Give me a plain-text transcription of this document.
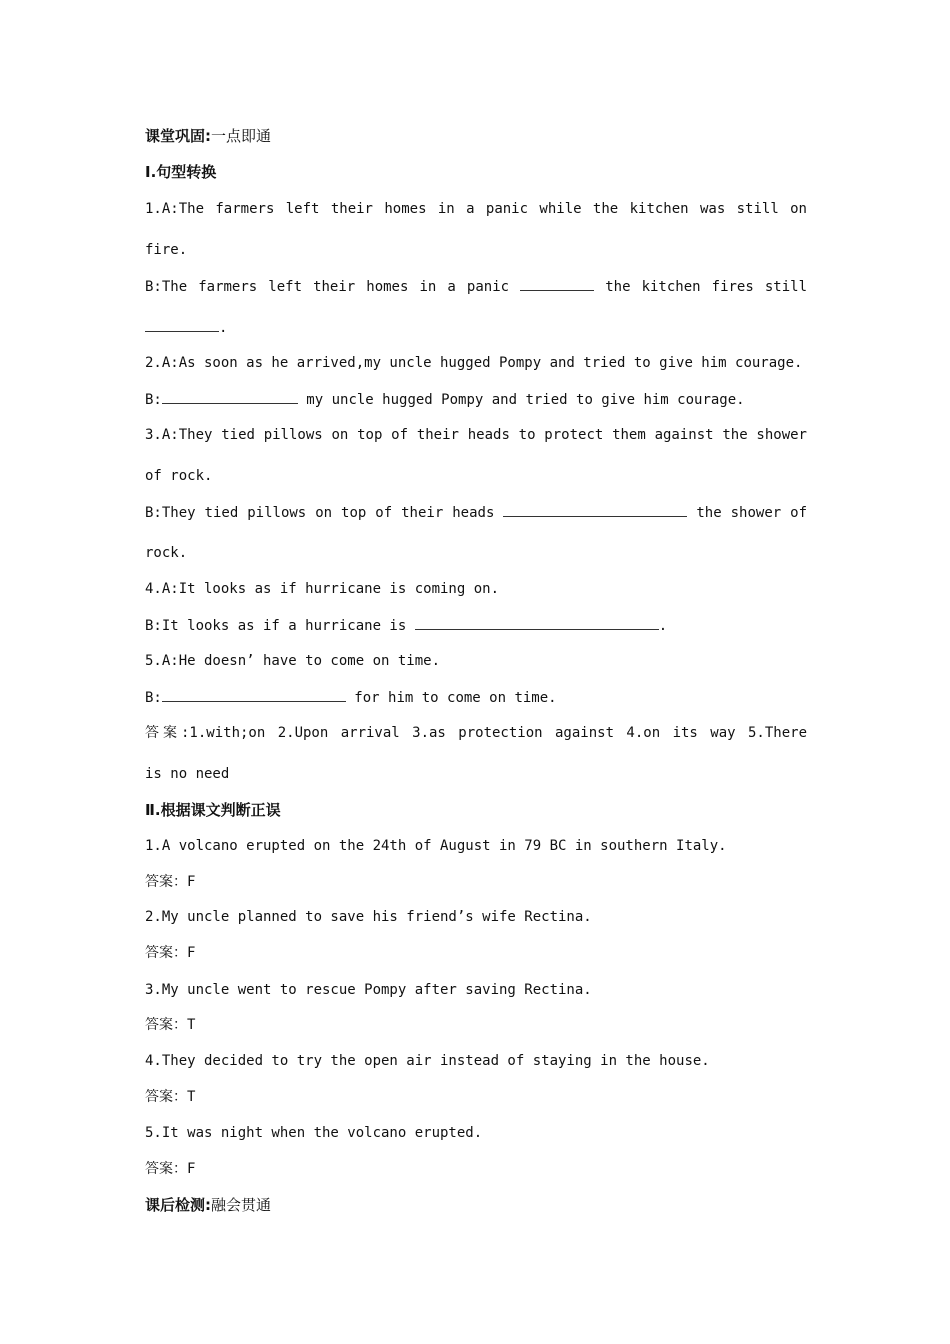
课堂巩固:一点即通
Ⅰ.句型转换
1.A:The farmers left their homes in a panic while the kitchen was still on
fire.
B:The farmers left their homes in a panic	the kitchen fires still
.
2.A:As soon as he arrived,my uncle hugged Pompy and tried to give him courage.
B:	my uncle hugged Pompy and tried to give him courage.
3.A:They tied pillows on top of their heads to protect them against the shower
of rock.
B:They tied pillows on top of their heads	the shower of
rock.
4.A:It looks as if hurricane is coming on.
B:It looks as if a hurricane is	.
5.A:He doesn’ have to come on time.
B:	for him to come on time.
答案:1.with;on 2.Upon arrival 3.as protection against 4.on its way 5.There
is no need
Ⅱ.根据课文判断正误
1.A volcano erupted on the 24th of August in 79 BC in southern Italy.
答案：F
2.My uncle planned to save his friend’s wife Rectina.
答案：F
3.My uncle went to rescue Pompy after saving Rectina.
答案：T
4.They decided to try the open air instead of staying in the house.
答案：T
5.It was night when the volcano erupted.
答案：F
课后检测:融会贯通
